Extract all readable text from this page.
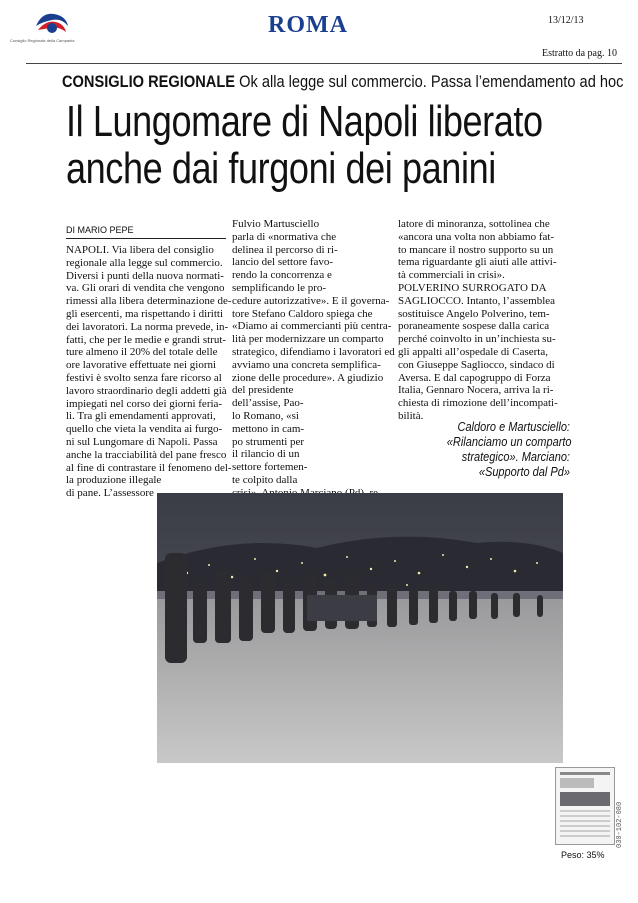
Consiglio Regionale della Campania
ROMA	13/12/13
Estratto da pag. 10
CONSIGLIO REGIONALE Ok alla legge sul commercio. Passa l’emendamento ad hoc
Il Lungomare di Napoli liberato
anche dai furgoni dei panini
DI MARIO PEPE

NAPOLI. Via libera del consiglio

regionale alla legge sul commercio.

Diversi i punti della nuova normati-

va. Gli orari di vendita che vengono

rimessi alla libera determinazione de-

gli esercenti, ma rispettando i diritti

dei lavoratori. La norma prevede, in-

fatti, che per le medie e grandi strut-

ture almeno il 20% del totale delle

ore lavorative effettuate nei giorni

festivi è svolto senza fare ricorso al

lavoro straordinario degli addetti già

impiegati nel corso dei giorni feria-

li. Tra gli emendamenti approvati,

quello che vieta la vendita ai furgo-

ni sul Lungomare di Napoli. Passa

anche la tracciabilità del pane fresco

al fine di contrastare il fenomeno del-

la produzione illegale

di pane. L’assessore

Fulvio Martusciello

parla di «normativa che

delinea il percorso di ri-

lancio del settore favo-

rendo la concorrenza e

semplificando le pro-

cedure autorizzative». E il governa-

tore Stefano Caldoro spiega che

«Diamo ai commercianti più centra-

lità per modernizzare un comparto

strategico, difendiamo i lavoratori ed

avviamo una concreta semplifica-

zione delle procedure». A giudizio

del presidente

dell’assise, Pao-

lo Romano, «si

mettono in cam-

po strumenti per

il rilancio di un

settore fortemen-

te colpito dalla

latore di minoranza, sottolinea che

«ancora una volta non abbiamo fat-

to mancare il nostro supporto su un

tema riguardante gli aiuti alle attivi-

tà commerciali in crisi».

POLVERINO SURROGATO DA

SAGLIOCCO. Intanto, l’assemblea

sostituisce Angelo Polverino, tem-

poraneamente sospese dalla carica

perché coinvolto in un’inchiesta su-

gli appalti all’ospedale di Caserta,

con Giuseppe Sagliocco, sindaco di

Aversa. E dal capogruppo di Forza

Italia, Gennaro Nocera, arriva la ri-

chiesta di rimozione dell’incompati-

bilità.

Caldoro e Martusciello:

«Rilanciamo un comparto

strategico». Marciano:

«Supporto dal Pd»

Peso: 35%
030-102-080
